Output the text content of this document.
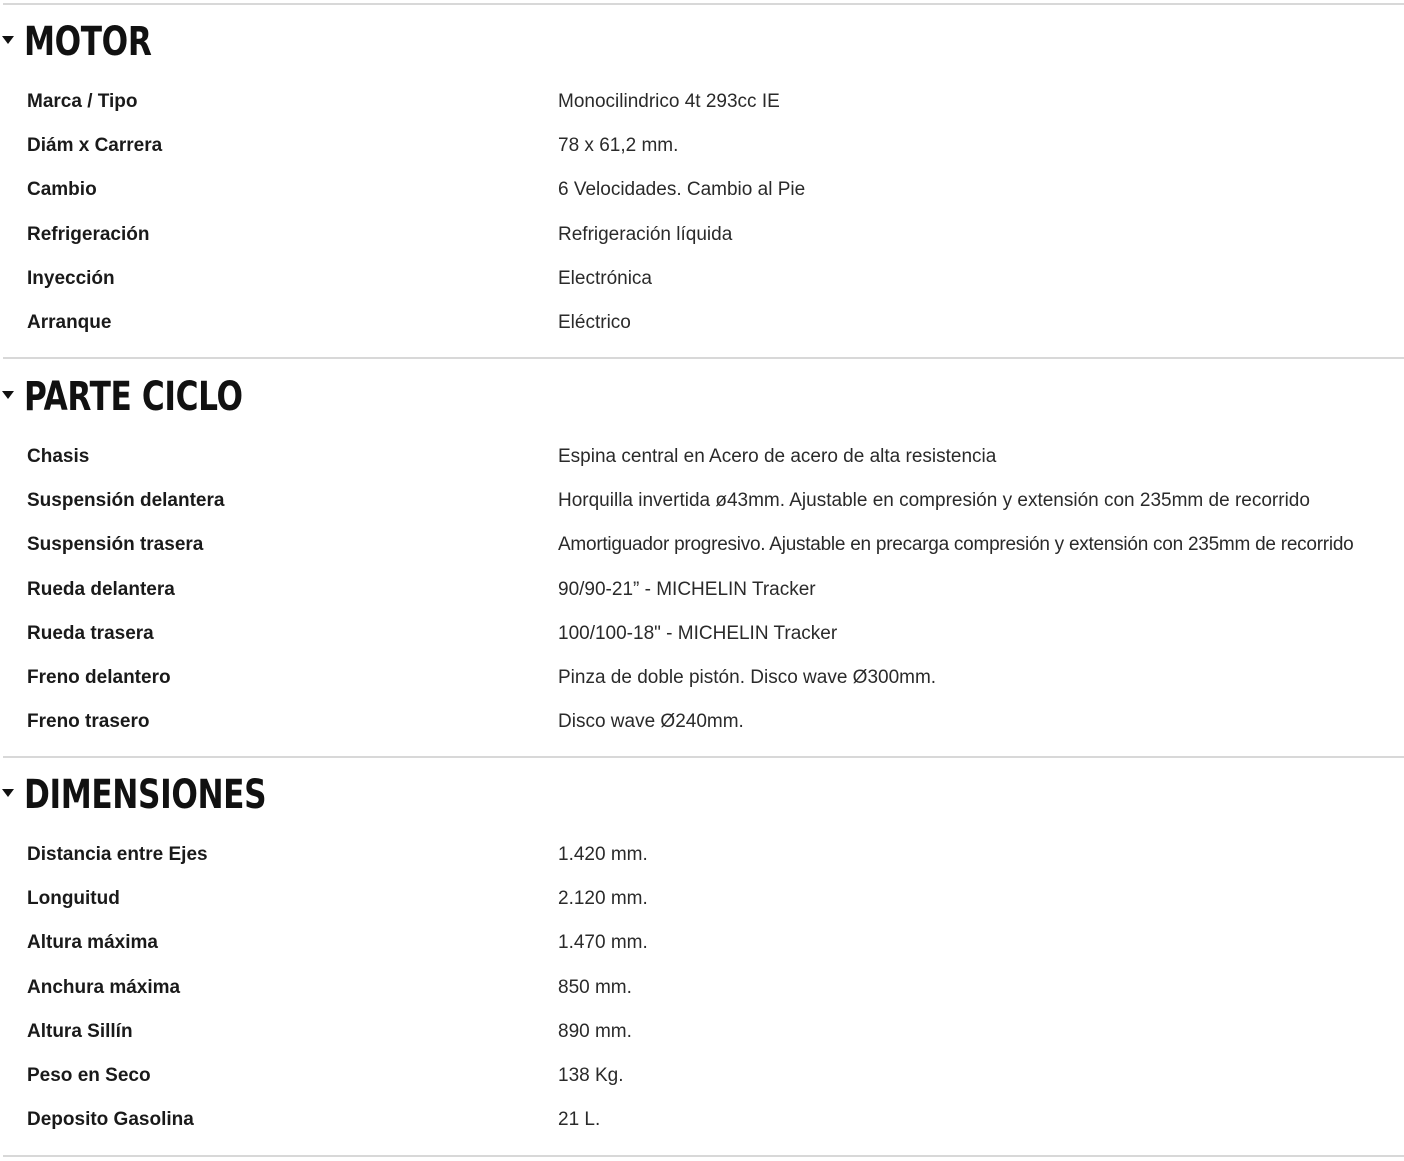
MOTOR
Marca / Tipo	Monocilindrico 4t 293cc IE
Diám x Carrera	78 x 61,2 mm.
Cambio	6 Velocidades. Cambio al Pie
Refrigeración	Refrigeración líquida
Inyección	Electrónica
Arranque	Eléctrico
PARTE CICLO
Chasis	Espina central en Acero de acero de alta resistencia
Suspensión delantera	Horquilla invertida ø43mm. Ajustable en compresión y extensión con 235mm de recorrido
Suspensión trasera	Amortiguador progresivo. Ajustable en precarga compresión y extensión con 235mm de recorrido
Rueda delantera	90/90-21” - MICHELIN Tracker
Rueda trasera	100/100-18" - MICHELIN Tracker
Freno delantero	Pinza de doble pistón. Disco wave Ø300mm.
Freno trasero	Disco wave Ø240mm.
DIMENSIONES
Distancia entre Ejes	1.420 mm.
Longuitud	2.120 mm.
Altura máxima	1.470 mm.
Anchura máxima	850 mm.
Altura Sillín	890 mm.
Peso en Seco	138 Kg.
Deposito Gasolina	21 L.
